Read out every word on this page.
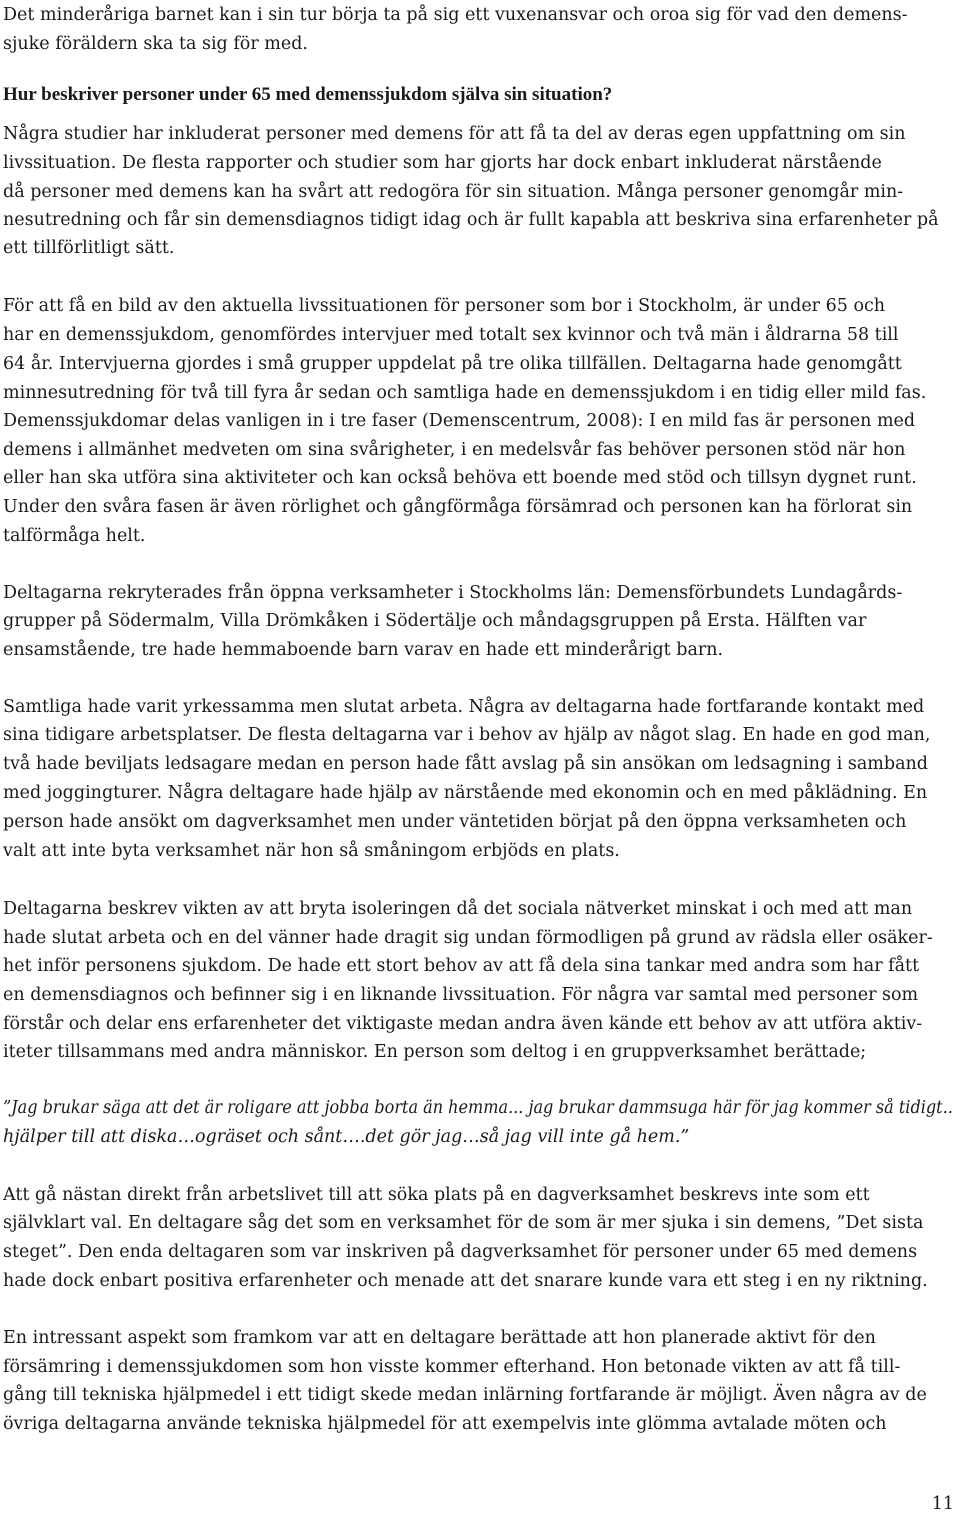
Det minderåriga barnet kan i sin tur börja ta på sig ett vuxenansvar och oroa sig för vad den demens-
sjuke föräldern ska ta sig för med.
Hur beskriver personer under 65 med demenssjukdom själva sin situation?
Några studier har inkluderat personer med demens för att få ta del av deras egen uppfattning om sin
livssituation. De flesta rapporter och studier som har gjorts har dock enbart inkluderat närstående
då personer med demens kan ha svårt att redogöra för sin situation. Många personer genomgår min-
nesutredning och får sin demensdiagnos tidigt idag och är fullt kapabla att beskriva sina erfarenheter på
ett tillförlitligt sätt.
För att få en bild av den aktuella livssituationen för personer som bor i Stockholm, är under 65 och
har en demenssjukdom, genomfördes intervjuer med totalt sex kvinnor och två män i åldrarna 58 till
64 år. Intervjuerna gjordes i små grupper uppdelat på tre olika tillfällen. Deltagarna hade genomgått
minnesutredning för två till fyra år sedan och samtliga hade en demenssjukdom i en tidig eller mild fas.
Demenssjukdomar delas vanligen in i tre faser (Demenscentrum, 2008): I en mild fas är personen med
demens i allmänhet medveten om sina svårigheter, i en medelsvår fas behöver personen stöd när hon
eller han ska utföra sina aktiviteter och kan också behöva ett boende med stöd och tillsyn dygnet runt.
Under den svåra fasen är även rörlighet och gångförmåga försämrad och personen kan ha förlorat sin
talförmåga helt.
Deltagarna rekryterades från öppna verksamheter i Stockholms län: Demensförbundets Lundagårds-
grupper på Södermalm, Villa Drömkåken i Södertälje och måndagsgruppen på Ersta. Hälften var
ensamstående, tre hade hemmaboende barn varav en hade ett minderårigt barn.
Samtliga hade varit yrkessamma men slutat arbeta. Några av deltagarna hade fortfarande kontakt med
sina tidigare arbetsplatser. De flesta deltagarna var i behov av hjälp av något slag. En hade en god man,
två hade beviljats ledsagare medan en person hade fått avslag på sin ansökan om ledsagning i samband
med joggingturer. Några deltagare hade hjälp av närstående med ekonomin och en med påklädning. En
person hade ansökt om dagverksamhet men under väntetiden börjat på den öppna verksamheten och
valt att inte byta verksamhet när hon så småningom erbjöds en plats.
Deltagarna beskrev vikten av att bryta isoleringen då det sociala nätverket minskat i och med att man
hade slutat arbeta och en del vänner hade dragit sig undan förmodligen på grund av rädsla eller osäker-
het inför personens sjukdom. De hade ett stort behov av att få dela sina tankar med andra som har fått
en demensdiagnos och befinner sig i en liknande livssituation. För några var samtal med personer som
förstår och delar ens erfarenheter det viktigaste medan andra även kände ett behov av att utföra aktiv-
iteter tillsammans med andra människor. En person som deltog i en gruppverksamhet berättade;
”Jag brukar säga att det är roligare att jobba borta än hemma... jag brukar dammsuga här för jag kommer så tidigt..
hjälper till att diska…ogräset och sånt….det gör jag…så jag vill inte gå hem.”
Att gå nästan direkt från arbetslivet till att söka plats på en dagverksamhet beskrevs inte som ett
självklart val. En deltagare såg det som en verksamhet för de som är mer sjuka i sin demens, ”Det sista
steget”. Den enda deltagaren som var inskriven på dagverksamhet för personer under 65 med demens
hade dock enbart positiva erfarenheter och menade att det snarare kunde vara ett steg i en ny riktning.
En intressant aspekt som framkom var att en deltagare berättade att hon planerade aktivt för den
försämring i demenssjukdomen som hon visste kommer efterhand. Hon betonade vikten av att få till-
gång till tekniska hjälpmedel i ett tidigt skede medan inlärning fortfarande är möjligt. Även några av de
övriga deltagarna använde tekniska hjälpmedel för att exempelvis inte glömma avtalade möten och
11
